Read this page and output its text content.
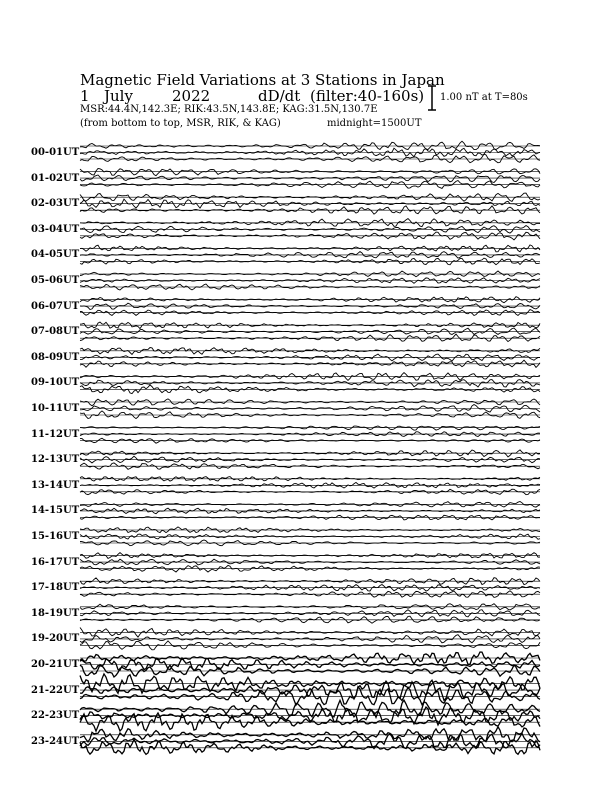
Magnetic Field Variations at 3 Stations in Japan
1 July	2022	dD/dt (filter:40-160s)
MSR:44.4N,142.3E; RIK:43.5N,143.8E; KAG:31.5N,130.7E
(from bottom to top, MSR, RIK, & KAG)	midnight=1500UT
1.00 nT at T=80s
00-01UT
01-02UT
02-03UT
03-04UT
04-05UT
05-06UT
06-07UT
07-08UT
08-09UT
09-10UT
10-11UT
11-12UT
12-13UT
13-14UT
14-15UT
15-16UT
16-17UT
17-18UT
18-19UT
19-20UT
20-21UT
21-22UT
22-23UT
23-24UT
